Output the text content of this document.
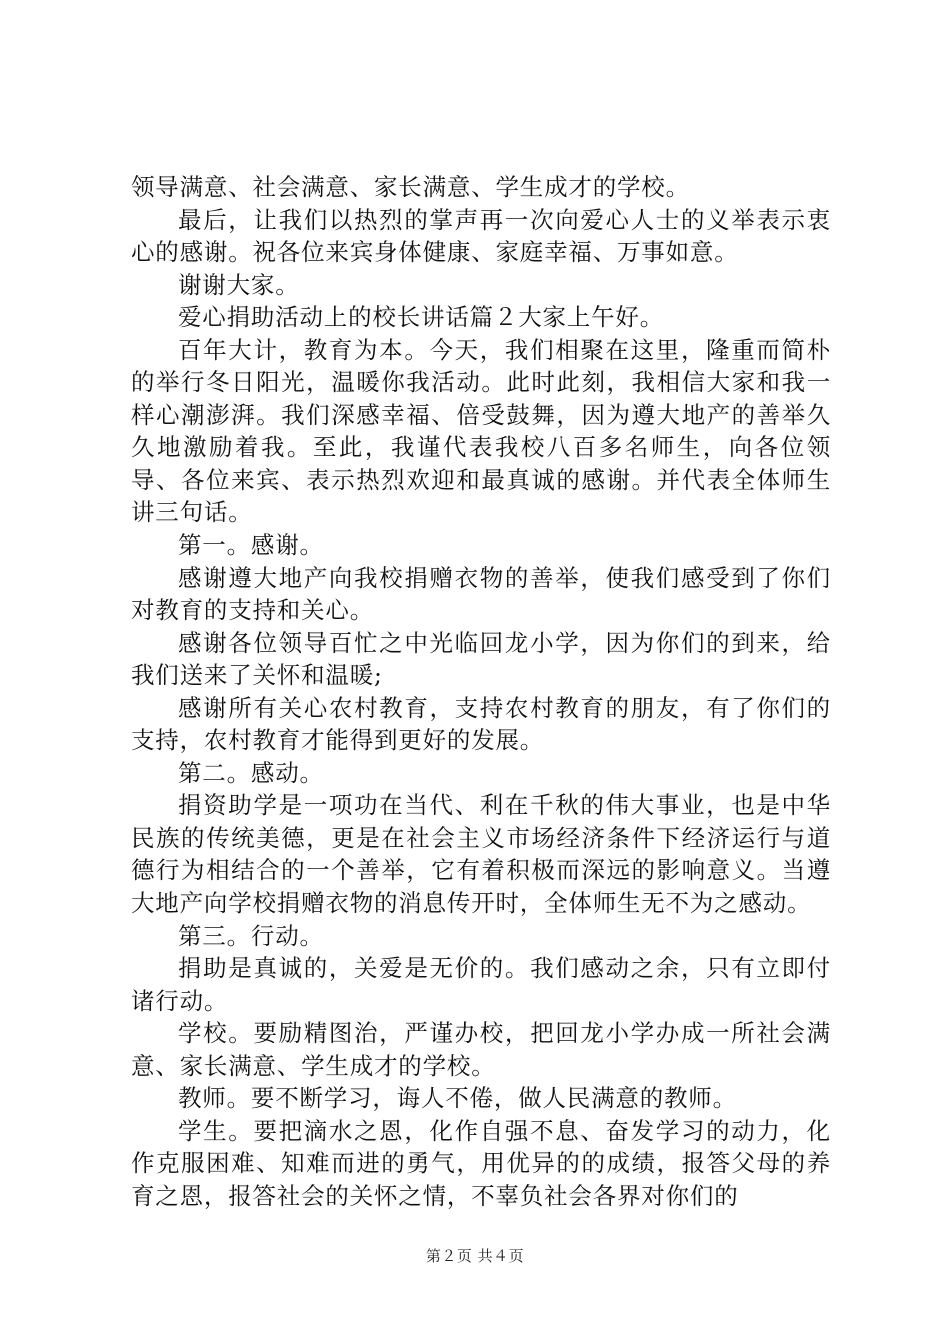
领导满意、社会满意、家长满意、学生成才的学校。

最后，让我们以热烈的掌声再一次向爱心人士的义举表示衷心的感谢。祝各位来宾身体健康、家庭幸福、万事如意。

谢谢大家。

爱心捐助活动上的校长讲话篇２大家上午好。

百年大计，教育为本。今天，我们相聚在这里，隆重而简朴的举行冬日阳光，温暖你我活动。此时此刻，我相信大家和我一样心潮澎湃。我们深感幸福、倍受鼓舞，因为遵大地产的善举久久地激励着我。至此，我谨代表我校八百多名师生，向各位领导、各位来宾、表示热烈欢迎和最真诚的感谢。并代表全体师生讲三句话。

第一。感谢。

感谢遵大地产向我校捐赠衣物的善举，使我们感受到了你们对教育的支持和关心。

感谢各位领导百忙之中光临回龙小学，因为你们的到来，给我们送来了关怀和温暖;

感谢所有关心农村教育，支持农村教育的朋友，有了你们的支持，农村教育才能得到更好的发展。

第二。感动。

捐资助学是一项功在当代、利在千秋的伟大事业，也是中华民族的传统美德，更是在社会主义市场经济条件下经济运行与道德行为相结合的一个善举，它有着积极而深远的影响意义。当遵大地产向学校捐赠衣物的消息传开时，全体师生无不为之感动。

第三。行动。

捐助是真诚的，关爱是无价的。我们感动之余，只有立即付诸行动。

学校。要励精图治，严谨办校，把回龙小学办成一所社会满意、家长满意、学生成才的学校。

教师。要不断学习，诲人不倦，做人民满意的教师。

学生。要把滴水之恩，化作自强不息、奋发学习的动力，化作克服困难、知难而进的勇气，用优异的的成绩，报答父母的养育之恩，报答社会的关怀之情，不辜负社会各界对你们的

第２页 共４页
